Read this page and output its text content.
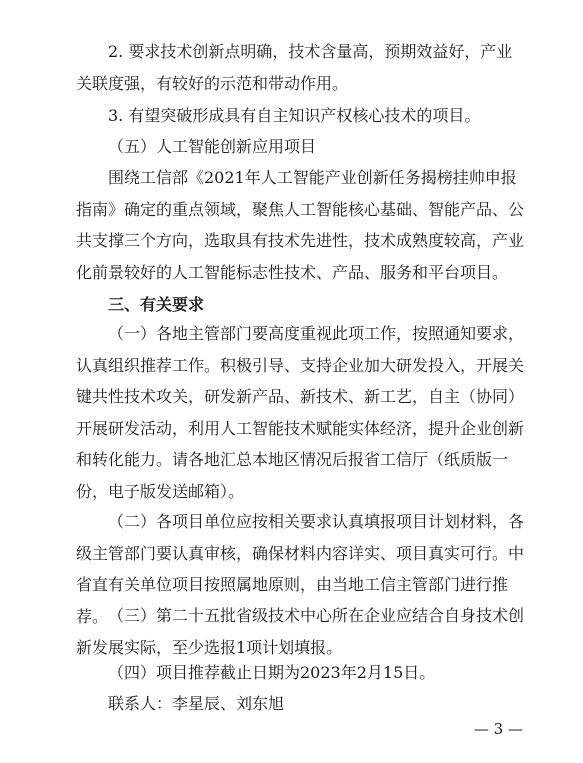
2. 要求技术创新点明确，技术含量高，预期效益好，产业关联度强，有较好的示范和带动作用。

3. 有望突破形成具有自主知识产权核心技术的项目。

（五）人工智能创新应用项目

围绕工信部《2021年人工智能产业创新任务揭榜挂帅申报指南》确定的重点领域，聚焦人工智能核心基础、智能产品、公共支撑三个方向，选取具有技术先进性，技术成熟度较高，产业化前景较好的人工智能标志性技术、产品、服务和平台项目。

三、有关要求

（一）各地主管部门要高度重视此项工作，按照通知要求，认真组织推荐工作。积极引导、支持企业加大研发投入，开展关键共性技术攻关，研发新产品、新技术、新工艺，自主（协同）开展研发活动，利用人工智能技术赋能实体经济，提升企业创新和转化能力。请各地汇总本地区情况后报省工信厅（纸质版一份，电子版发送邮箱）。

（二）各项目单位应按相关要求认真填报项目计划材料，各级主管部门要认真审核，确保材料内容详实、项目真实可行。中省直有关单位项目按照属地原则，由当地工信主管部门进行推荐。 （三）第二十五批省级技术中心所在企业应结合自身技术创新发展实际，至少选报1项计划填报。

（四）项目推荐截止日期为2023年2月15日。

联系人：李星辰、刘东旭

— 3 —
